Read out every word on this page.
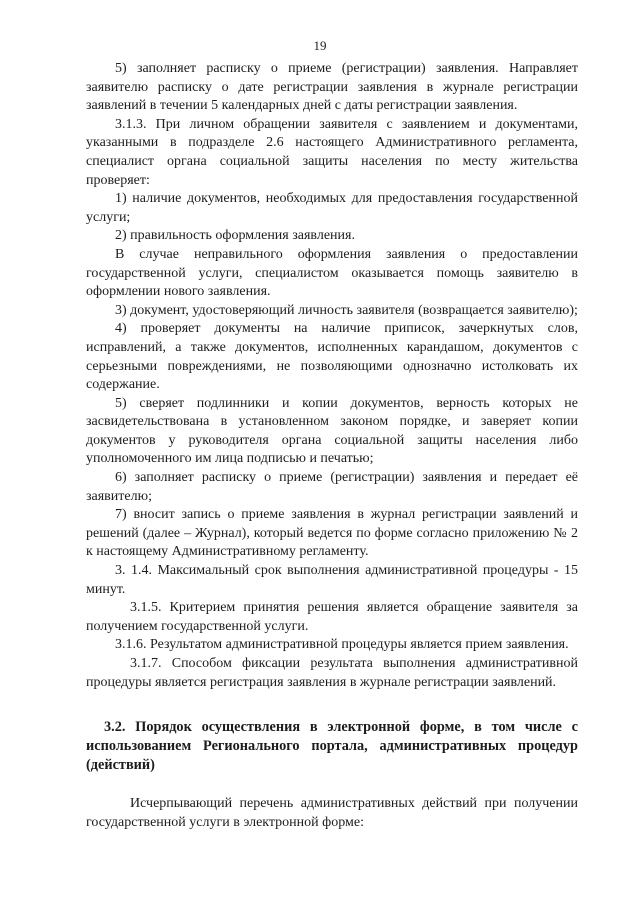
19

5) заполняет расписку о приеме (регистрации) заявления. Направляет заявителю расписку о дате регистрации заявления в журнале регистрации заявлений в течении 5 календарных дней с даты регистрации заявления.

3.1.3. При личном обращении заявителя с заявлением и документами, указанными в подразделе 2.6 настоящего Административного регламента, специалист органа социальной защиты населения по месту жительства проверяет:

1) наличие документов, необходимых для предоставления государственной услуги;

2) правильность оформления заявления.

В случае неправильного оформления заявления о предоставлении государственной услуги, специалистом оказывается помощь заявителю в оформлении нового заявления.

3) документ, удостоверяющий личность заявителя (возвращается заявителю);

4) проверяет документы на наличие приписок, зачеркнутых слов, исправлений, а также документов, исполненных карандашом, документов с серьезными повреждениями, не позволяющими однозначно истолковать их содержание.

5) сверяет подлинники и копии документов, верность которых не засвидетельствована в установленном законом порядке, и заверяет копии документов у руководителя органа социальной защиты населения либо уполномоченного им лица подписью и печатью;

6) заполняет расписку о приеме (регистрации) заявления и передает её заявителю;

7) вносит запись о приеме заявления в журнал регистрации заявлений и решений (далее – Журнал), который ведется по форме согласно приложению № 2 к настоящему Административному регламенту.

3. 1.4. Максимальный срок выполнения административной процедуры - 15 минут.

3.1.5. Критерием принятия решения является обращение заявителя за получением государственной услуги.

3.1.6. Результатом административной процедуры является прием заявления.

3.1.7. Способом фиксации результата выполнения административной процедуры является регистрация заявления в журнале регистрации заявлений.

3.2. Порядок осуществления в электронной форме, в том числе с использованием Регионального портала, административных процедур (действий)

Исчерпывающий перечень административных действий при получении государственной услуги в электронной форме:
